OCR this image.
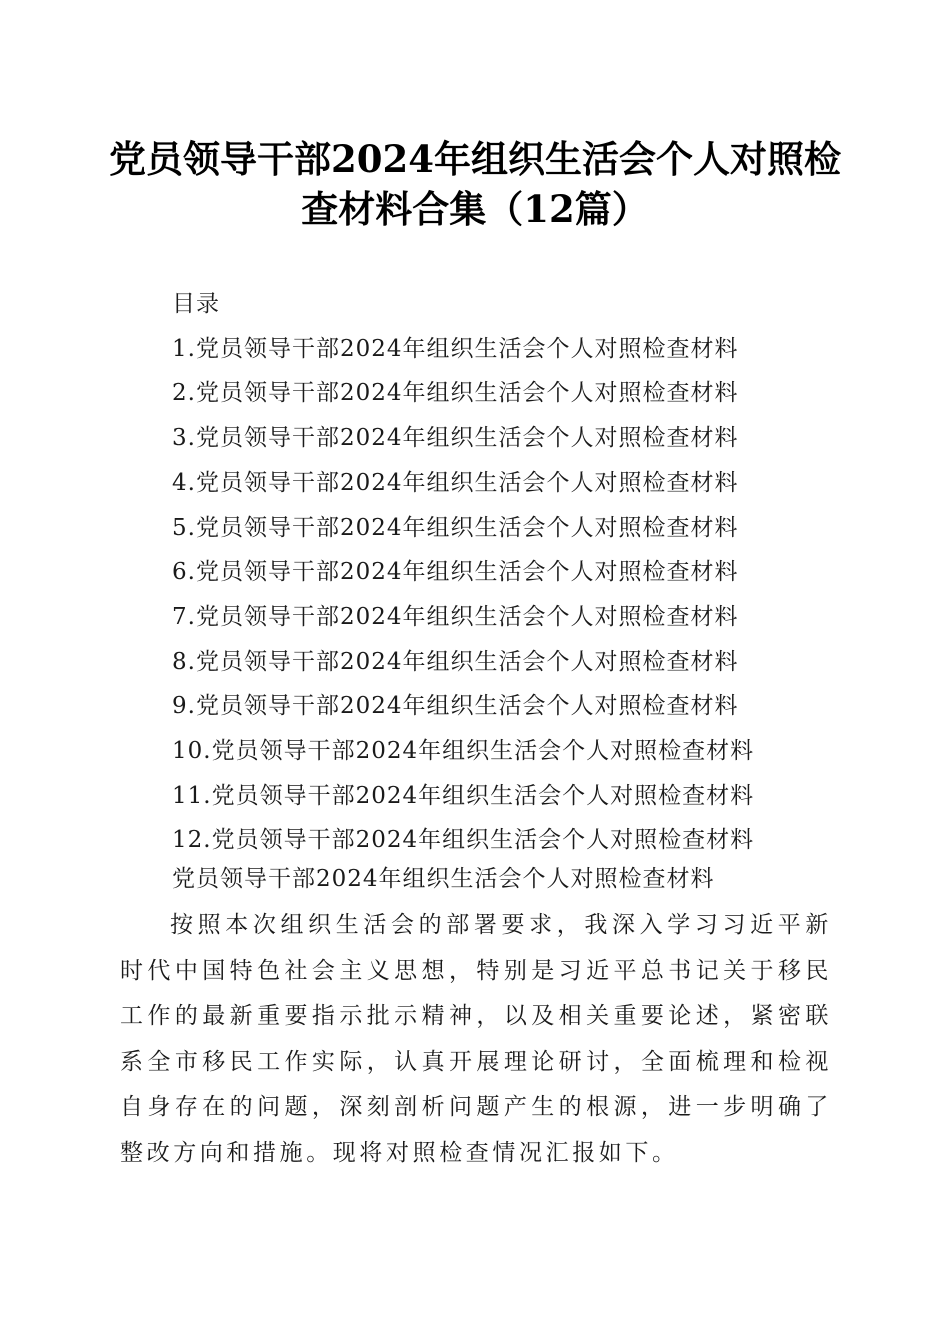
党员领导干部2024年组织生活会个人对照检
查材料合集（12篇）
目录
1.党员领导干部2024年组织生活会个人对照检查材料
2.党员领导干部2024年组织生活会个人对照检查材料
3.党员领导干部2024年组织生活会个人对照检查材料
4.党员领导干部2024年组织生活会个人对照检查材料
5.党员领导干部2024年组织生活会个人对照检查材料
6.党员领导干部2024年组织生活会个人对照检查材料
7.党员领导干部2024年组织生活会个人对照检查材料
8.党员领导干部2024年组织生活会个人对照检查材料
9.党员领导干部2024年组织生活会个人对照检查材料
10.党员领导干部2024年组织生活会个人对照检查材料
11.党员领导干部2024年组织生活会个人对照检查材料
12.党员领导干部2024年组织生活会个人对照检查材料
党员领导干部2024年组织生活会个人对照检查材料

按照本次组织生活会的部署要求，我深入学习习近平新时代中国特色社会主义思想，特别是习近平总书记关于移民工作的最新重要指示批示精神，以及相关重要论述，紧密联系全市移民工作实际，认真开展理论研讨，全面梳理和检视自身存在的问题，深刻剖析问题产生的根源，进一步明确了整改方向和措施。现将对照检查情况汇报如下。
